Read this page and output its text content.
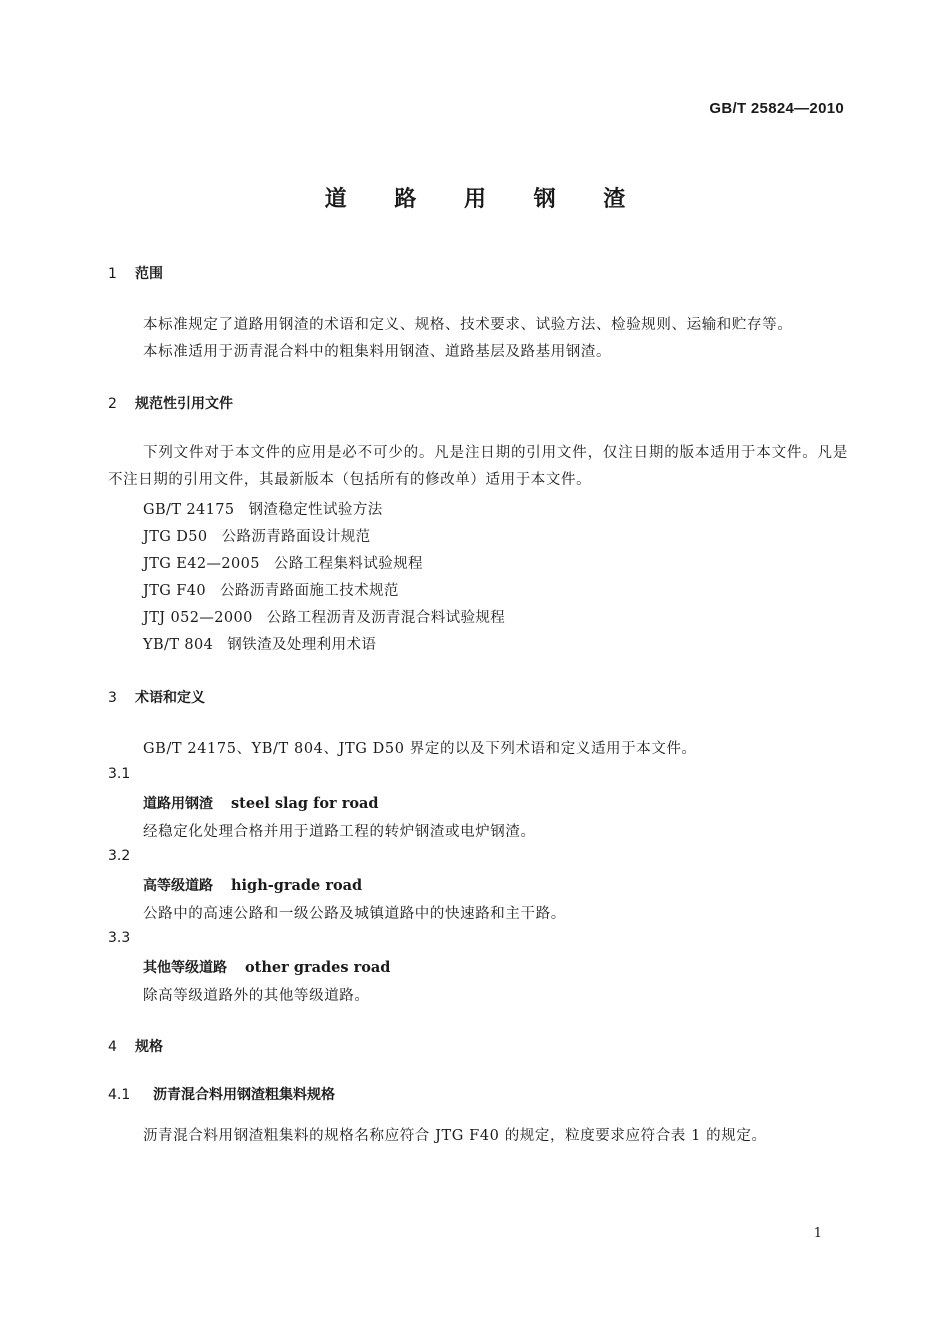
GB/T 25824—2010
道 路 用 钢 渣
1 范围
本标准规定了道路用钢渣的术语和定义、规格、技术要求、试验方法、检验规则、运输和贮存等。
本标准适用于沥青混合料中的粗集料用钢渣、道路基层及路基用钢渣。
2 规范性引用文件
下列文件对于本文件的应用是必不可少的。凡是注日期的引用文件，仅注日期的版本适用于本文件。凡是不注日期的引用文件，其最新版本（包括所有的修改单）适用于本文件。
GB/T 24175 钢渣稳定性试验方法
JTG D50 公路沥青路面设计规范
JTG E42—2005 公路工程集料试验规程
JTG F40 公路沥青路面施工技术规范
JTJ 052—2000 公路工程沥青及沥青混合料试验规程
YB/T 804 钢铁渣及处理利用术语
3 术语和定义
GB/T 24175、YB/T 804、JTG D50 界定的以及下列术语和定义适用于本文件。
3.1
道路用钢渣 steel slag for road
经稳定化处理合格并用于道路工程的转炉钢渣或电炉钢渣。
3.2
高等级道路 high-grade road
公路中的高速公路和一级公路及城镇道路中的快速路和主干路。
3.3
其他等级道路 other grades road
除高等级道路外的其他等级道路。
4 规格
4.1 沥青混合料用钢渣粗集料规格
沥青混合料用钢渣粗集料的规格名称应符合 JTG F40 的规定，粒度要求应符合表 1 的规定。
1
